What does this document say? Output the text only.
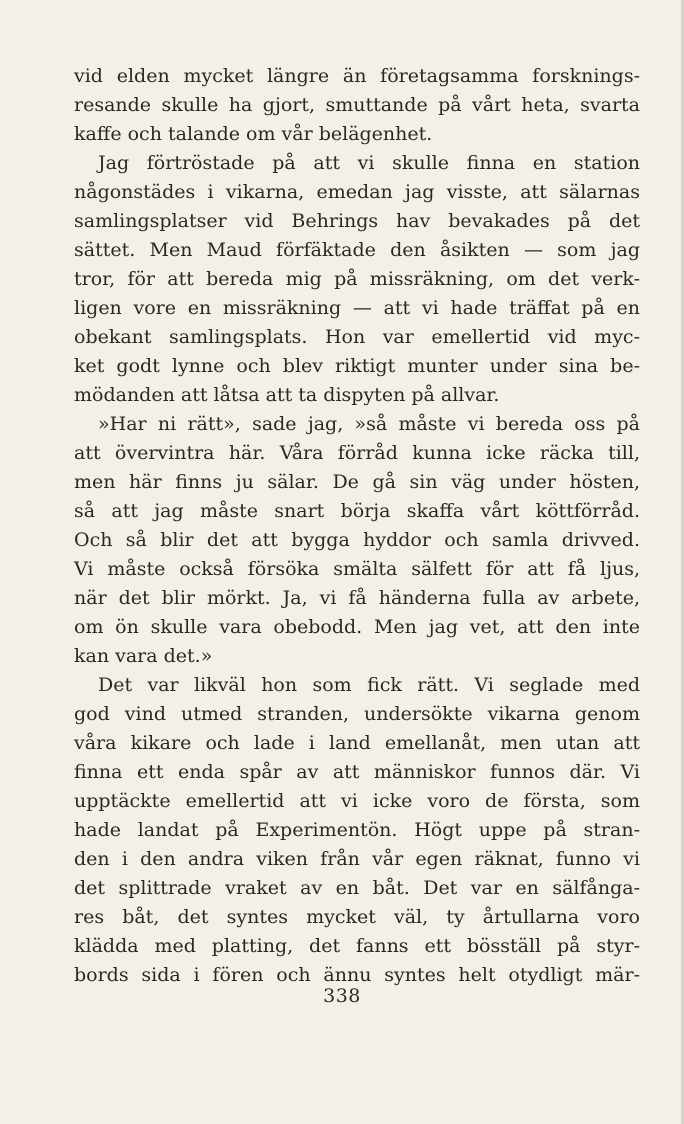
vid elden mycket längre än företagsamma forsknings-
resande skulle ha gjort, smuttande på vårt heta, svarta
kaffe och talande om vår belägenhet.
Jag förtröstade på att vi skulle finna en station
någonstädes i vikarna, emedan jag visste, att sälarnas
samlingsplatser vid Behrings hav bevakades på det
sättet. Men Maud förfäktade den åsikten — som jag
tror, för att bereda mig på missräkning, om det verk-
ligen vore en missräkning — att vi hade träffat på en
obekant samlingsplats. Hon var emellertid vid myc-
ket godt lynne och blev riktigt munter under sina be-
mödanden att låtsa att ta dispyten på allvar.
»Har ni rätt», sade jag, »så måste vi bereda oss på
att övervintra här. Våra förråd kunna icke räcka till,
men här finns ju sälar. De gå sin väg under hösten,
så att jag måste snart börja skaffa vårt köttförråd.
Och så blir det att bygga hyddor och samla drivved.
Vi måste också försöka smälta sälfett för att få ljus,
när det blir mörkt. Ja, vi få händerna fulla av arbete,
om ön skulle vara obebodd. Men jag vet, att den inte
kan vara det.»
Det var likväl hon som fick rätt. Vi seglade med
god vind utmed stranden, undersökte vikarna genom
våra kikare och lade i land emellanåt, men utan att
finna ett enda spår av att människor funnos där. Vi
upptäckte emellertid att vi icke voro de första, som
hade landat på Experimentön. Högt uppe på stran-
den i den andra viken från vår egen räknat, funno vi
det splittrade vraket av en båt. Det var en sälfånga-
res båt, det syntes mycket väl, ty årtullarna voro
klädda med platting, det fanns ett bösställ på styr-
bords sida i fören och ännu syntes helt otydligt mär-
338
